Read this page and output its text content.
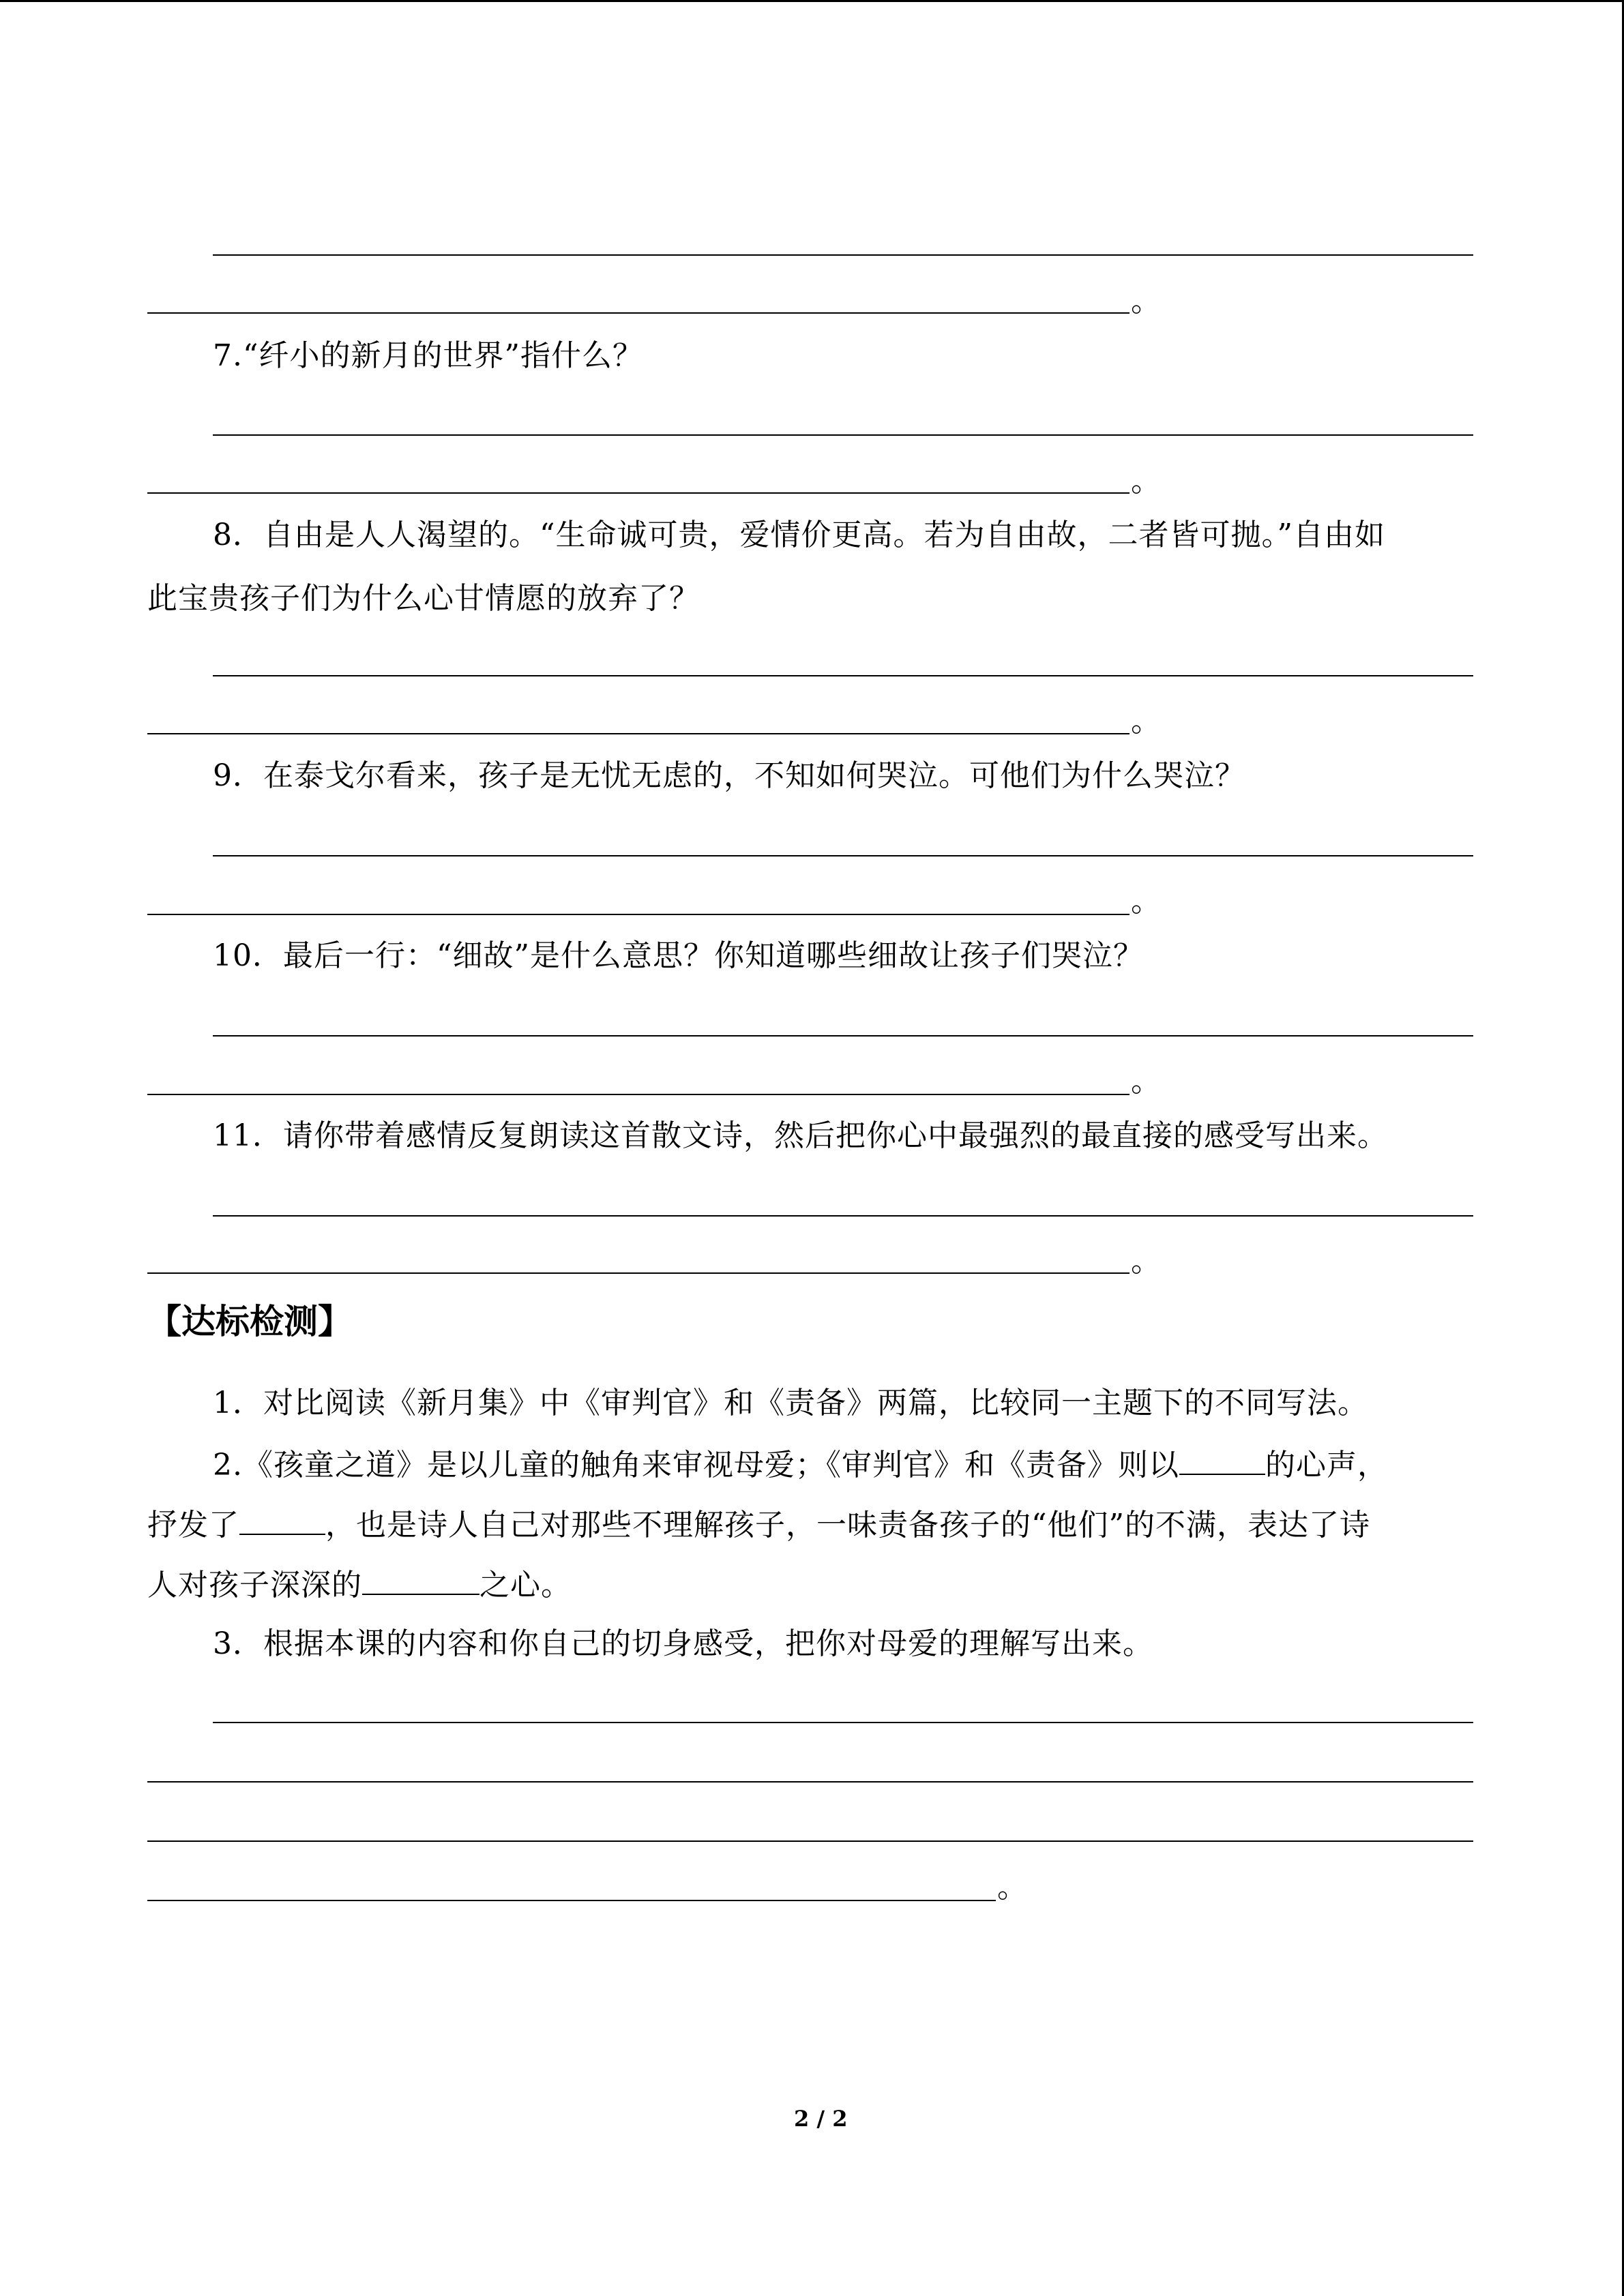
。
7.“纤小的新月的世界”指什么？
。
8．自由是人人渴望的。“生命诚可贵，爱情价更高。若为自由故，二者皆可抛。”自由如
此宝贵孩子们为什么心甘情愿的放弃了？
。
9．在泰戈尔看来，孩子是无忧无虑的，不知如何哭泣。可他们为什么哭泣？
。
10．最后一行：“细故”是什么意思？你知道哪些细故让孩子们哭泣？
。
11．请你带着感情反复朗读这首散文诗，然后把你心中最强烈的最直接的感受写出来。
。
【达标检测】
1．对比阅读《新月集》中《审判官》和《责备》两篇，比较同一主题下的不同写法。
2.《孩童之道》是以儿童的触角来审视母爱；《审判官》和《责备》则以	的心声，
抒发了	，也是诗人自己对那些不理解孩子，一味责备孩子的“他们”的不满，表达了诗
人对孩子深深的	之心。
3．根据本课的内容和你自己的切身感受，把你对母爱的理解写出来。
。
2 / 2
